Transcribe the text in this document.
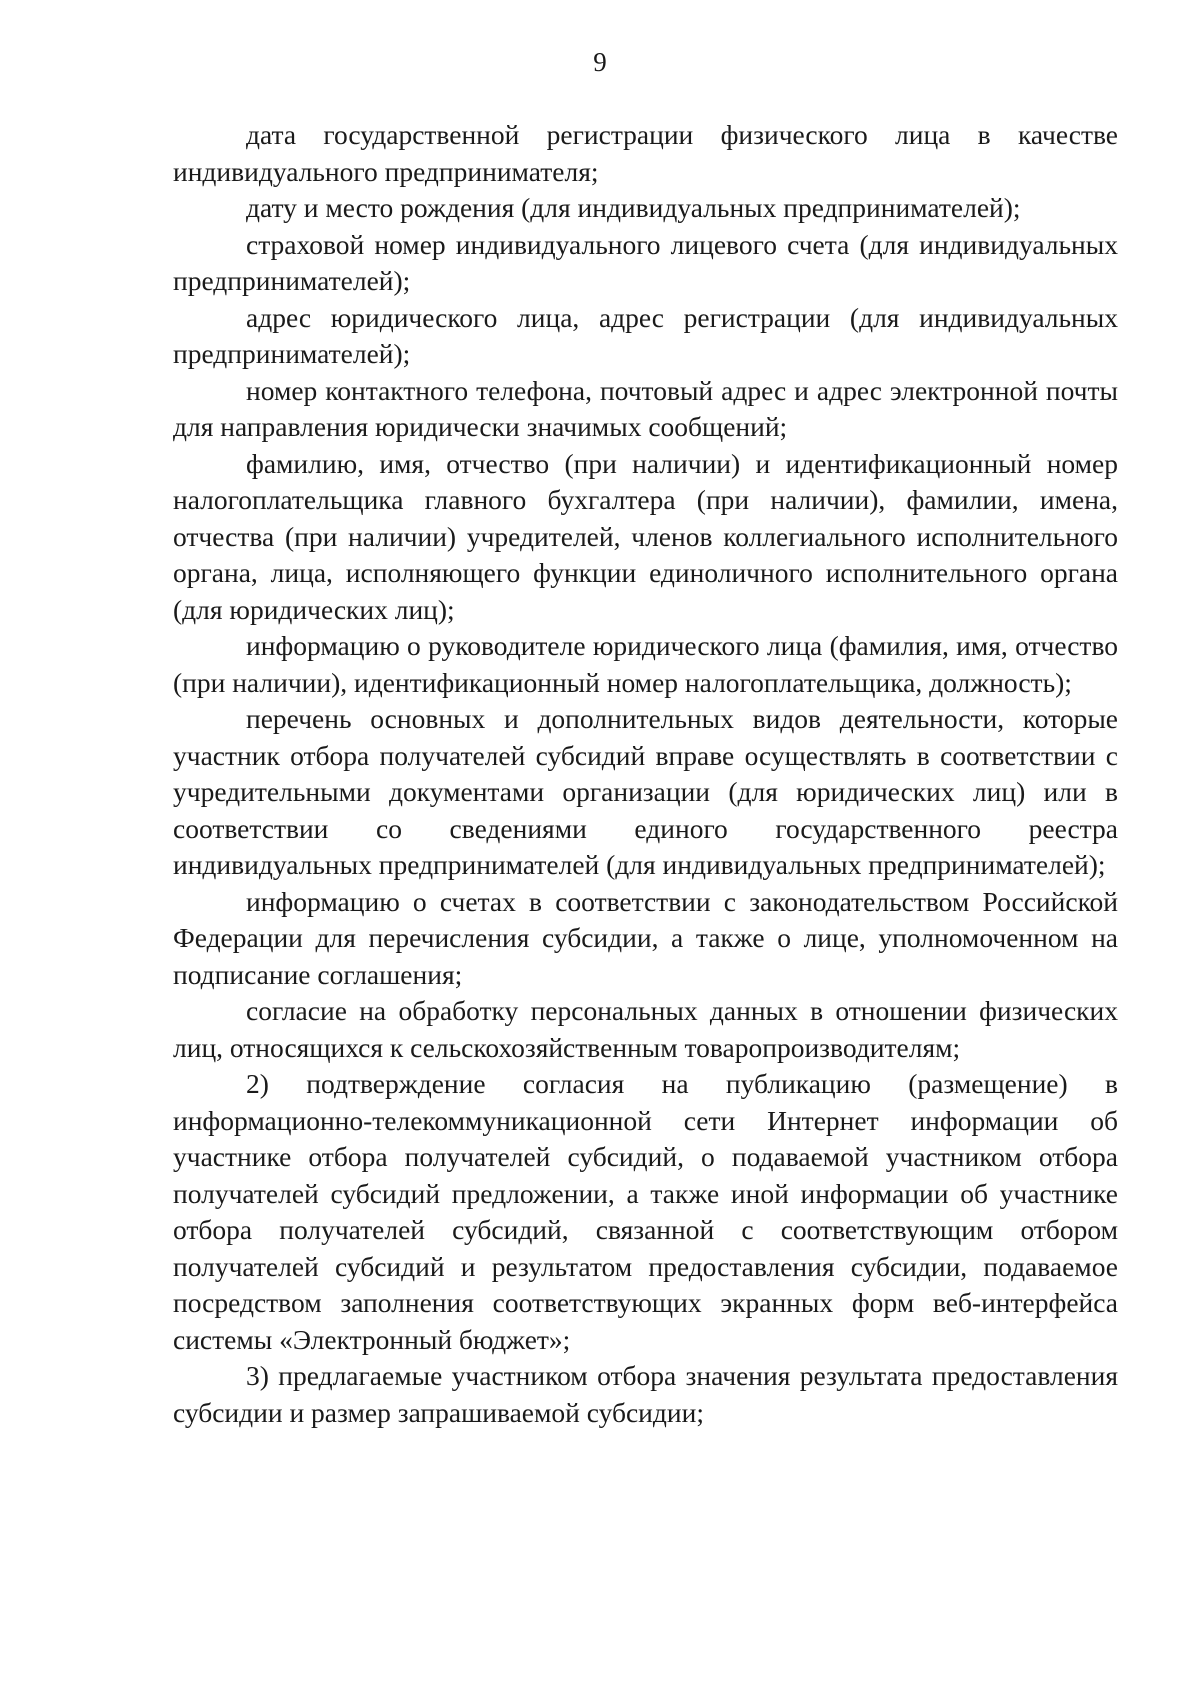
9

дата государственной регистрации физического лица в качестве индивидуального предпринимателя;

дату и место рождения (для индивидуальных предпринимателей);

страховой номер индивидуального лицевого счета (для индивидуальных предпринимателей);

адрес юридического лица, адрес регистрации (для индивидуальных предпринимателей);

номер контактного телефона, почтовый адрес и адрес электронной почты для направления юридически значимых сообщений;

фамилию, имя, отчество (при наличии) и идентификационный номер налогоплательщика главного бухгалтера (при наличии), фамилии, имена, отчества (при наличии) учредителей, членов коллегиального исполнительного органа, лица, исполняющего функции единоличного исполнительного органа (для юридических лиц);

информацию о руководителе юридического лица (фамилия, имя, отчество (при наличии), идентификационный номер налогоплательщика, должность);

перечень основных и дополнительных видов деятельности, которые участник отбора получателей субсидий вправе осуществлять в соответствии с учредительными документами организации (для юридических лиц) или в соответствии со сведениями единого государственного реестра индивидуальных предпринимателей (для индивидуальных предпринимателей);

информацию о счетах в соответствии с законодательством Российской Федерации для перечисления субсидии, а также о лице, уполномоченном на подписание соглашения;

согласие на обработку персональных данных в отношении физических лиц, относящихся к сельскохозяйственным товаропроизводителям;

2) подтверждение согласия на публикацию (размещение) в информационно-телекоммуникационной сети Интернет информации об участнике отбора получателей субсидий, о подаваемой участником отбора получателей субсидий предложении, а также иной информации об участнике отбора получателей субсидий, связанной с соответствующим отбором получателей субсидий и результатом предоставления субсидии, подаваемое посредством заполнения соответствующих экранных форм веб-интерфейса системы «Электронный бюджет»;

3) предлагаемые участником отбора значения результата предоставления субсидии и размер запрашиваемой субсидии;
